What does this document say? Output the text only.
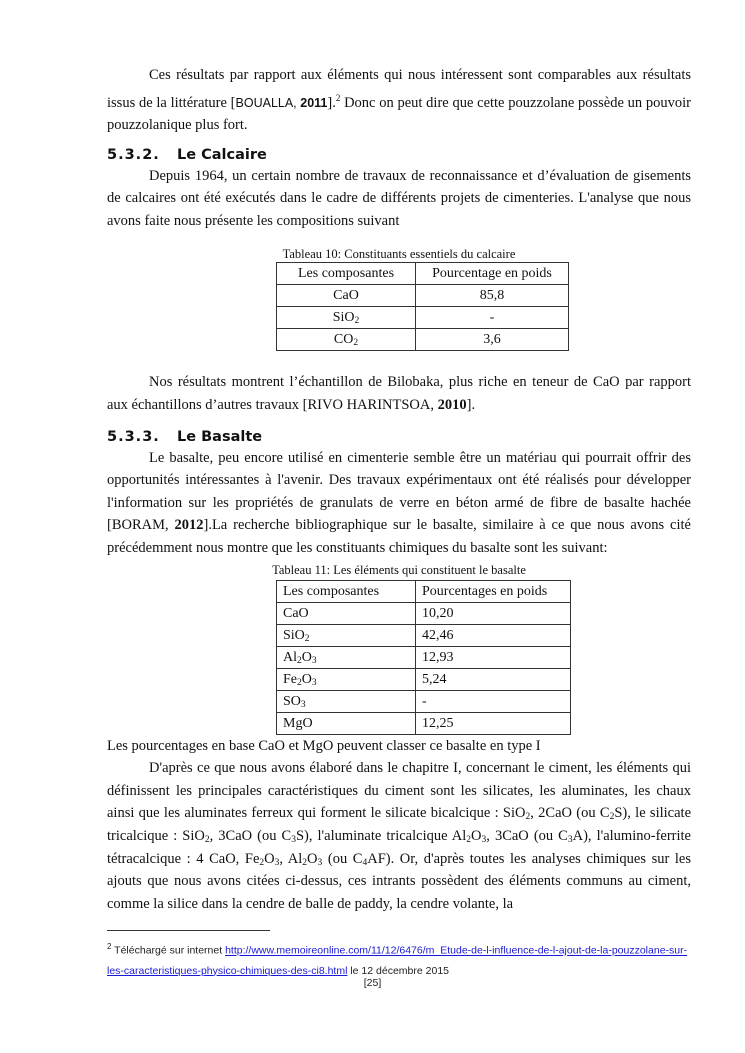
Ces résultats par rapport aux éléments qui nous intéressent sont comparables aux résultats issus de la littérature [BOUALLA, 2011].$^2$ Donc on peut dire que cette pouzzolane possède un pouvoir pouzzolanique plus fort.

5.3.2. Le Calcaire

Depuis 1964, un certain nombre de travaux de reconnaissance et d’évaluation de gisements de calcaires ont été exécutés dans le cadre de différents projets de cimenteries. L'analyse que nous avons faite nous présente les compositions suivant

Tableau 10: Constituants essentiels du calcaire
Les composantes	Pourcentage en poids
CaO	85,8
SiO$_2$	-
$CO_2$	3,6

Nos résultats montrent l’échantillon de Bilobaka, plus riche en teneur de CaO par rapport aux échantillons d’autres travaux [RIVO HARINTSOA, 2010].

5.3.3. Le Basalte

Le basalte, peu encore utilisé en cimenterie semble être un matériau qui pourrait offrir des opportunités intéressantes à l'avenir. Des travaux expérimentaux ont été réalisés pour développer l'information sur les propriétés de granulats de verre en béton armé de fibre de basalte hachée [BORAM, 2012].La recherche bibliographique sur le basalte, similaire à ce que nous avons cité précédemment nous montre que les constituants chimiques du basalte sont les suivant:

Tableau 11: Les éléments qui constituent le basalte
Les composantes	Pourcentages en poids
CaO	10,20
SiO$_2$	42,46
$Al_2O_3$	12,93
$Fe_2O_3$	5,24
$SO_3$	-
MgO	12,25

Les pourcentages en base CaO et MgO peuvent classer ce basalte en type I

D'après ce que nous avons élaboré dans le chapitre I, concernant le ciment, les éléments qui définissent les principales caractéristiques du ciment sont les silicates, les aluminates, les chaux ainsi que les aluminates ferreux qui forment le silicate bicalcique : SiO$_2$, 2CaO (ou $C_2S$), le silicate tricalcique : SiO$_2$, 3CaO (ou $C_3S$), l'aluminate tricalcique $Al_2O_3$, 3CaO (ou $C_3A$), l'alumino-ferrite tétracalcique : 4 CaO, $Fe_2O_3$, $Al_2O_3$ (ou $C_4AF$). Or, d'après toutes les analyses chimiques sur les ajouts que nous avons citées ci-dessus, ces intrants possèdent des éléments communs au ciment, comme la silice dans la cendre de balle de paddy, la cendre volante, la

$^2$ Téléchargé sur internet http://www.memoireonline.com/11/12/6476/m_Etude-de-l-influence-de-l-ajout-de-la-pouzzolane-sur-les-caracteristiques-physico-chimiques-des-ci8.html le 12 décembre 2015
[25]
